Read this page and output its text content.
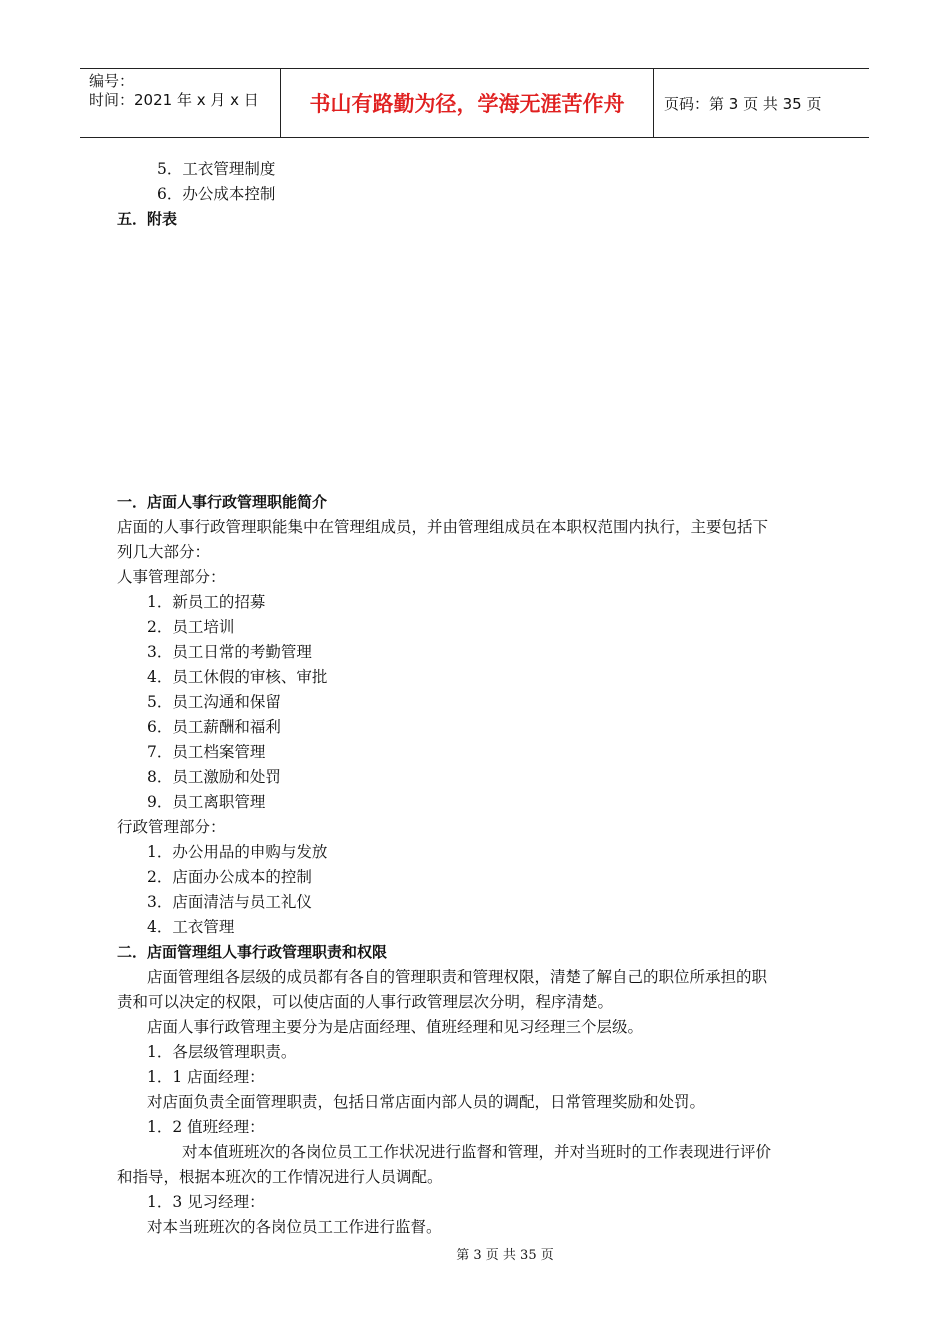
编号：
时间：2021 年 x 月 x 日	书山有路勤为径，学海无涯苦作舟	页码：第 3 页 共 35 页
5．工衣管理制度
6．办公成本控制
五．附表
一．店面人事行政管理职能简介
店面的人事行政管理职能集中在管理组成员，并由管理组成员在本职权范围内执行，主要包括下
列几大部分：
人事管理部分：
1．新员工的招募
2．员工培训
3．员工日常的考勤管理
4．员工休假的审核、审批
5．员工沟通和保留
6．员工薪酬和福利
7．员工档案管理
8．员工激励和处罚
9．员工离职管理
行政管理部分：
1．办公用品的申购与发放
2．店面办公成本的控制
3．店面清洁与员工礼仪
4．工衣管理
二．店面管理组人事行政管理职责和权限
店面管理组各层级的成员都有各自的管理职责和管理权限，清楚了解自己的职位所承担的职
责和可以决定的权限，可以使店面的人事行政管理层次分明，程序清楚。
店面人事行政管理主要分为是店面经理、值班经理和见习经理三个层级。
1．各层级管理职责。
1．1 店面经理：
对店面负责全面管理职责，包括日常店面内部人员的调配，日常管理奖励和处罚。
1．2 值班经理：
对本值班班次的各岗位员工工作状况进行监督和管理，并对当班时的工作表现进行评价
和指导，根据本班次的工作情况进行人员调配。
1．3 见习经理：
对本当班班次的各岗位员工工作进行监督。
第 3 页 共 35 页
